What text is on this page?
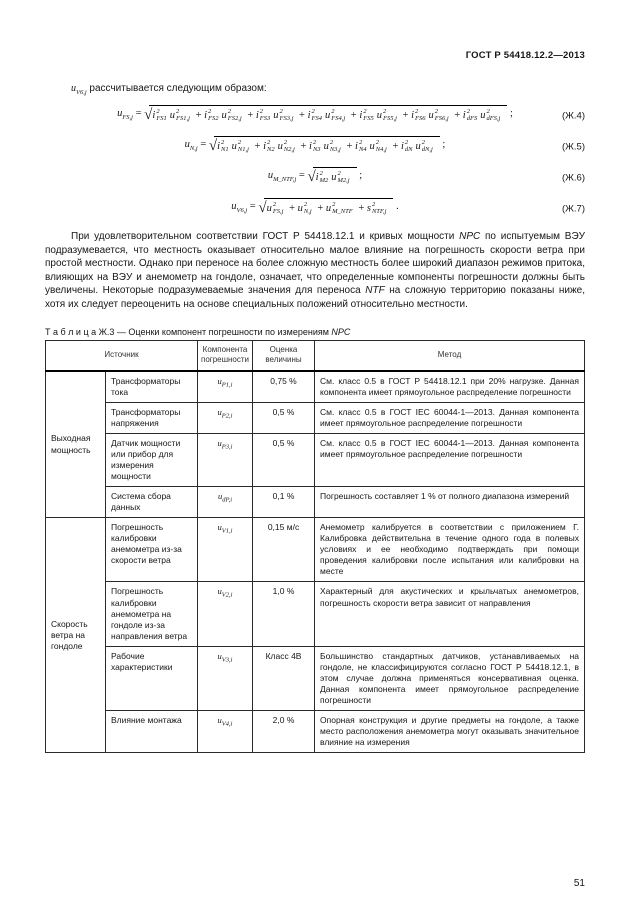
ГОСТ Р 54418.12.2—2013

$u_{V6,j}$ рассчитывается следующим образом:

$u_{FS,j}$ = √ i 2
FS1 u 2
FS1,j + i 2
FS2 u 2
FS2,j + i 2
FS3 u 2
FS3,j + i 2
FS4 u 2
FS4,j + i 2
FS5 u 2
FS5,j + i 2
FS6 u 2
FS6,j + i 2
dFS u 2
dFS,j ;	(Ж.4)
$u_{N,j}$ = √ i 2
N1 u 2
N1,j + i 2
N2 u 2
N2,j + i 2
N3 u 2
N3,j + i 2
N4 u 2
N4,j + i 2
dN u 2
dN,j ;	(Ж.5)
$u_{M\_NTF,j}$ = √ i 2
M2 u 2
M2,j ;	(Ж.6)
$u_{V6,j}$ = √ u 2
FS,j + u 2
N,j + u 2
M_NTF + s 2
NTF,j .	(Ж.7)

При удовлетворительном соответствии ГОСТ Р 54418.12.1 и кривых мощности NPC по испытуемым ВЭУ подразумевается, что местность оказывает относительно малое влияние на погрешность скорости ветра при простой местности. Однако при переносе на более сложную местность более широкий диапазон режимов притока, влияющих на ВЭУ и анемометр на гондоле, означает, что определенные компоненты погрешности должны быть увеличены. Некоторые подразумеваемые значения для переноса NTF на сложную территорию показаны ниже, хотя их следует переоценить на основе специальных положений относительно местности.

Т а б л и ц а Ж.3 — Оценки компонент погрешности по измерениям NPC

Источник		Компонента погрешности	Оценка величины	Метод
Выходная мощность	Трансформаторы тока	$u_{P1,i}$	0,75 %	См. класс 0.5 в ГОСТ Р 54418.12.1 при 20% нагрузке. Данная компонента имеет прямоугольное распределение погрешности
	Трансформаторы напряжения	$u_{P2,i}$	0,5 %	См. класс 0.5 в ГОСТ IEC 60044-1—2013. Данная компонента имеет прямоугольное распределение погрешности
	Датчик мощности или прибор для измерения мощности	$u_{P3,i}$	0,5 %	См. класс 0.5 в ГОСТ IEC 60044-1—2013. Данная компонента имеет прямоугольное распределение погрешности
	Система сбора данных	$u_{dP,i}$	0,1 %	Погрешность составляет 1 % от полного диапазона измерений
Скорость ветра на гондоле	Погрешность калибровки анемометра из-за скорости ветра	$u_{V1,i}$	0,15 м/с	Анемометр калибруется в соответствии с приложением Г. Калибровка действительна в течение одного года в полевых условиях и ее необходимо подтверждать при помощи проведения калибровки после испытания или калибровки на месте
	Погрешность калибровки анемометра на гондоле из-за направления ветра	$u_{V2,i}$	1,0 %	Характерный для акустических и крыльчатых анемометров, погрешность скорости ветра зависит от направления
	Рабочие характеристики	$u_{V3,i}$	Класс 4B	Большинство стандартных датчиков, устанавливаемых на гондоле, не классифицируются согласно ГОСТ Р 54418.12.1, в этом случае должна применяться консервативная оценка. Данная компонента имеет прямоугольное распределение погрешности
	Влияние монтажа	$u_{V4,i}$	2,0 %	Опорная конструкция и другие предметы на гондоле, а также место расположения анемометра могут оказывать значительное влияние на измерения
51
